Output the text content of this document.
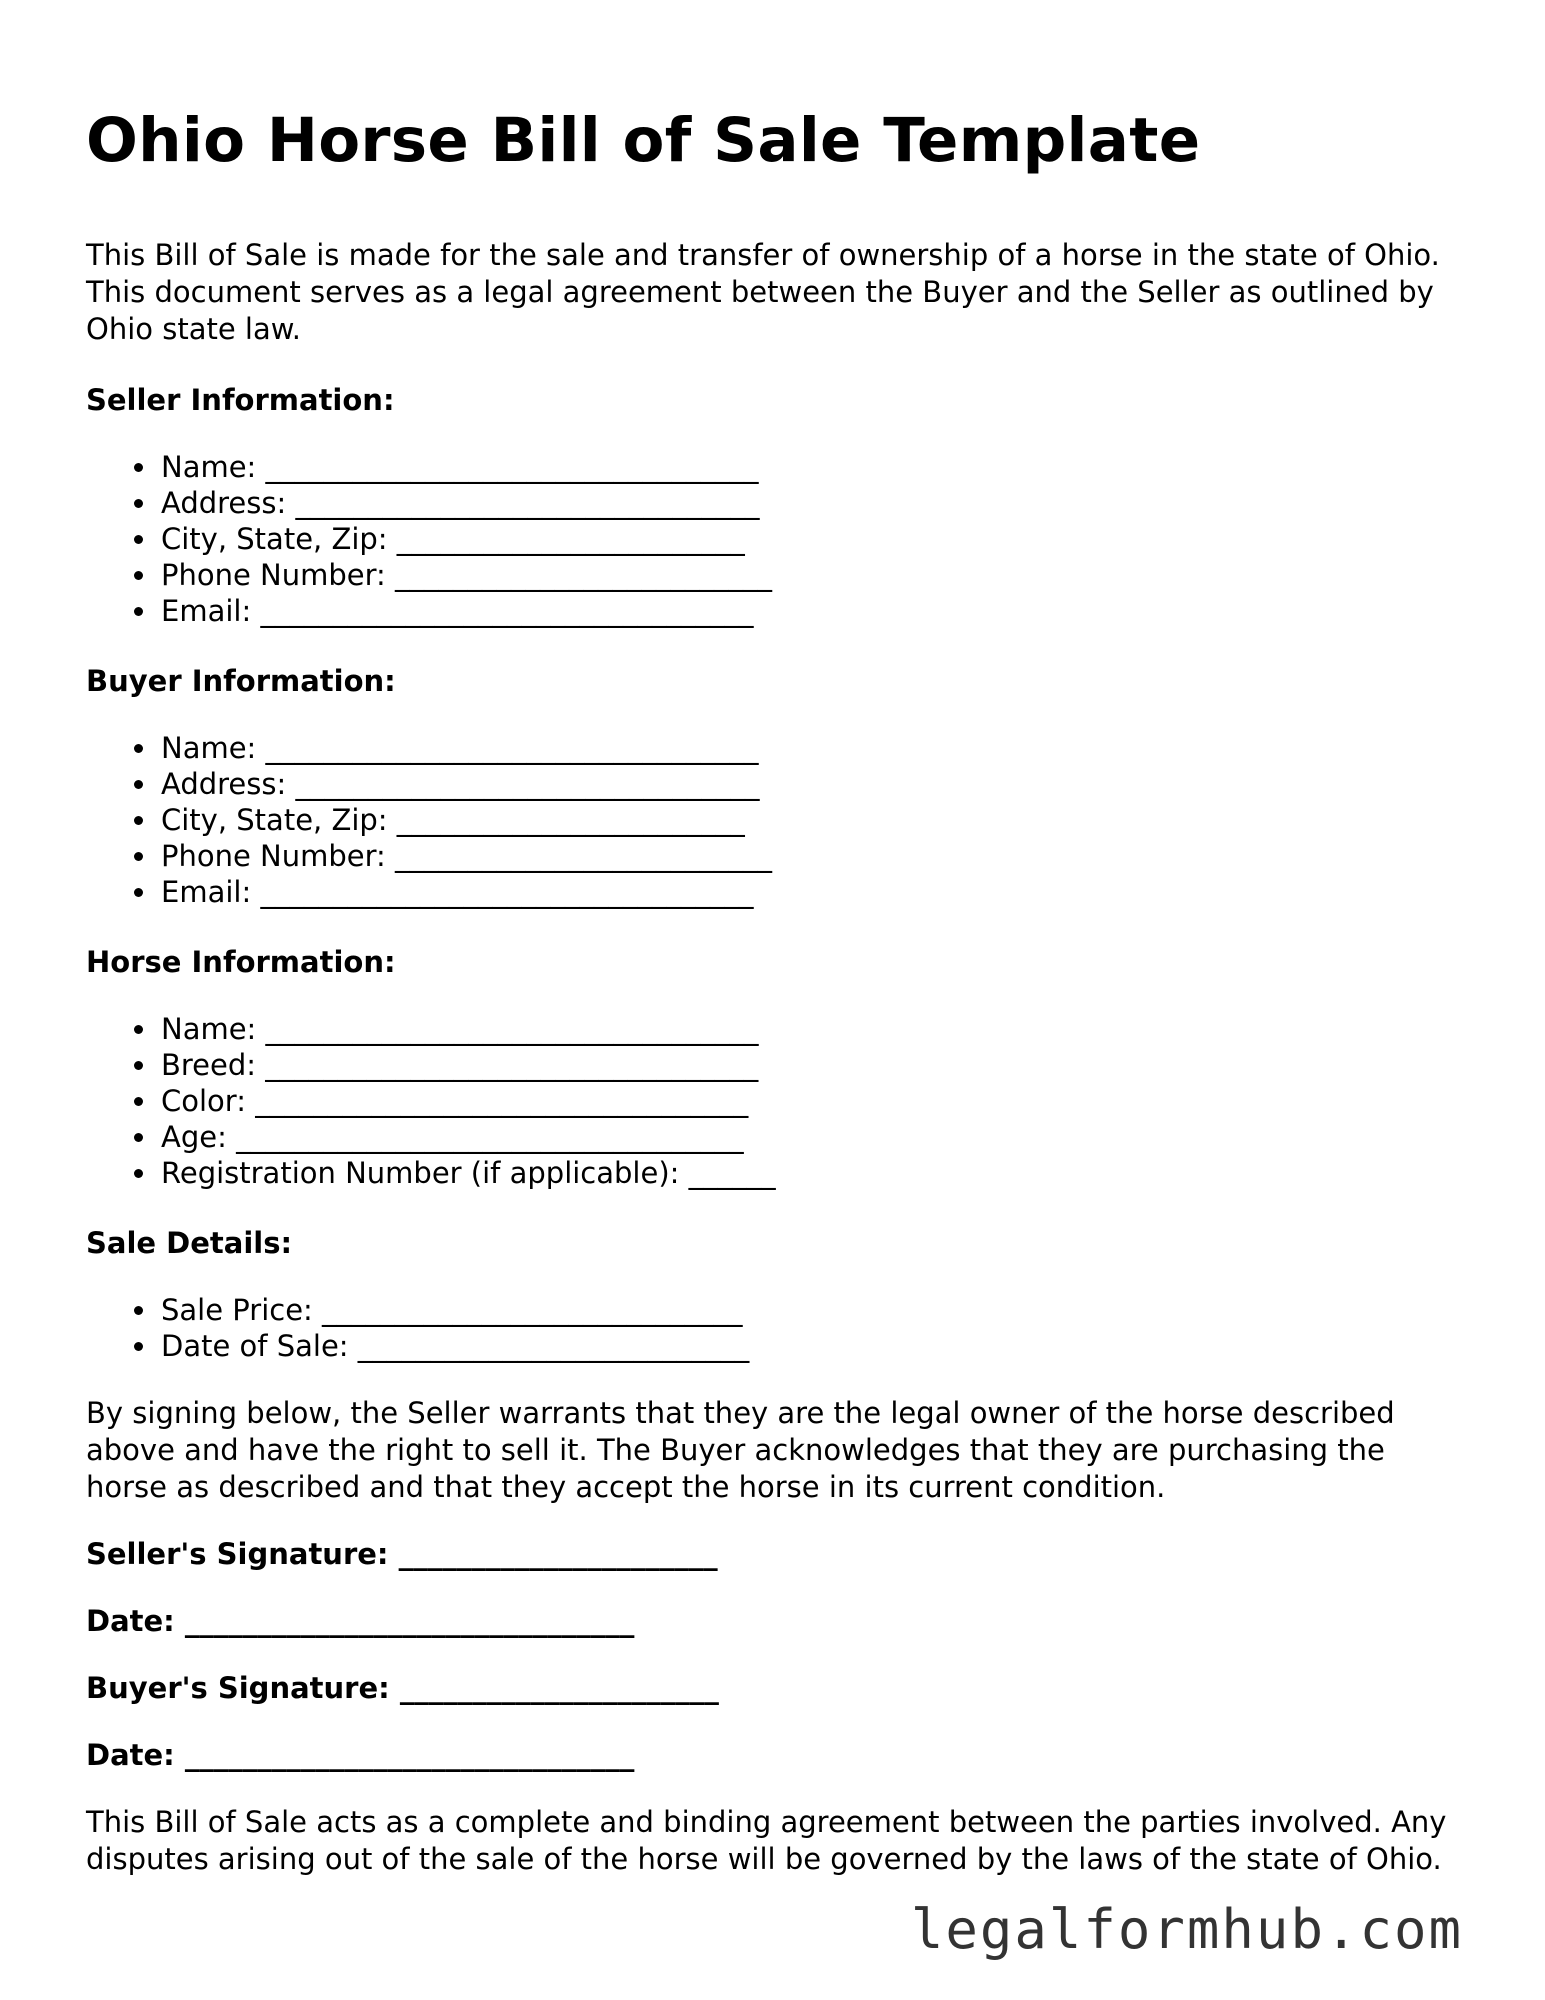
Ohio Horse Bill of Sale Template

This Bill of Sale is made for the sale and transfer of ownership of a horse in the state of Ohio. This document serves as a legal agreement between the Buyer and the Seller as outlined by Ohio state law.

Seller Information:
• Name: __________________________________
• Address: ________________________________
• City, State, Zip: ________________________
• Phone Number: __________________________
• Email: __________________________________
Buyer Information:
• Name: __________________________________
• Address: ________________________________
• City, State, Zip: ________________________
• Phone Number: __________________________
• Email: __________________________________
Horse Information:
• Name: __________________________________
• Breed: __________________________________
• Color: __________________________________
• Age: ___________________________________
• Registration Number (if applicable): ______
Sale Details:
• Sale Price: _____________________________
• Date of Sale: ___________________________

By signing below, the Seller warrants that they are the legal owner of the horse described above and have the right to sell it. The Buyer acknowledges that they are purchasing the horse as described and that they accept the horse in its current condition.

Seller's Signature: ______________________
Date: _______________________________
Buyer's Signature: ______________________
Date: _______________________________

This Bill of Sale acts as a complete and binding agreement between the parties involved. Any disputes arising out of the sale of the horse will be governed by the laws of the state of Ohio.

legalformhub.com
